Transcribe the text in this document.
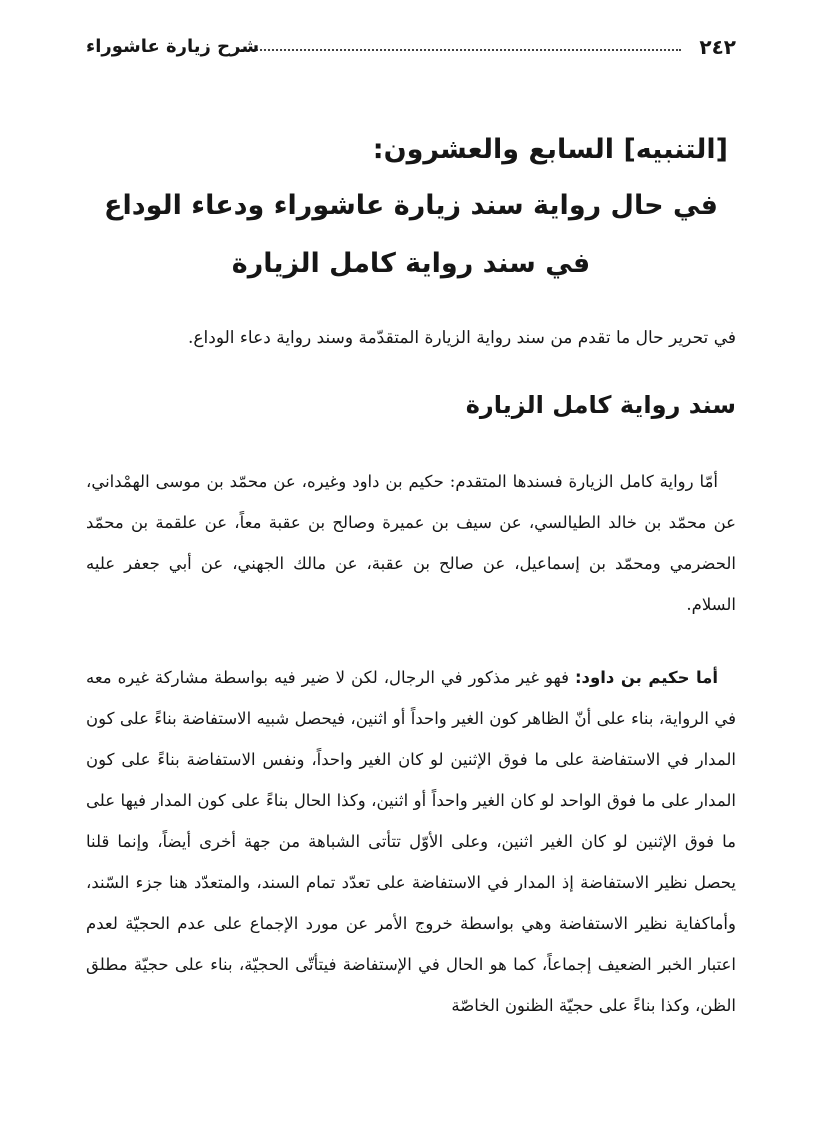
٢٤٢
شرح زيارة عاشوراء
[التنبيه] السابع والعشرون:
في حال رواية سند زيارة عاشوراء ودعاء الوداع
في سند رواية كامل الزيارة
في تحرير حال ما تقدم من سند رواية الزيارة المتقدّمة وسند رواية دعاء الوداع.
سند رواية كامل الزيارة

أمّا رواية كامل الزيارة فسندها المتقدم: حكيم بن داود وغيره، عن محمّد بن موسى الهمْداني، عن محمّد بن خالد الطيالسي، عن سيف بن عميرة وصالح بن عقبة معاً، عن علقمة بن محمّد الحضرمي ومحمّد بن إسماعيل، عن صالح بن عقبة، عن مالك الجهني، عن أبي جعفر عليه السلام.

أما حكيم بن داود: فهو غير مذكور في الرجال، لكن لا ضير فيه بواسطة مشاركة غيره معه في الرواية، بناء على أنّ الظاهر كون الغير واحداً أو اثنين، فيحصل شبيه الاستفاضة بناءً على كون المدار في الاستفاضة على ما فوق الإثنين لو كان الغير واحداً، ونفس الاستفاضة بناءً على كون المدار على ما فوق الواحد لو كان الغير واحداً أو اثنين، وكذا الحال بناءً على كون المدار فيها على ما فوق الإثنين لو كان الغير اثنين، وعلى الأوّل تتأتى الشباهة من جهة أخرى أيضاً، وإنما قلنا يحصل نظير الاستفاضة إذ المدار في الاستفاضة على تعدّد تمام السند، والمتعدّد هنا جزء السّند، وأماكفاية نظير الاستفاضة وهي بواسطة خروج الأمر عن مورد الإجماع على عدم الحجيّة لعدم اعتبار الخبر الضعيف إجماعاً، كما هو الحال في الإستفاضة فيتأتّى الحجيّة، بناء على حجيّة مطلق الظن، وكذا بناءً على حجيّة الظنون الخاصّة
